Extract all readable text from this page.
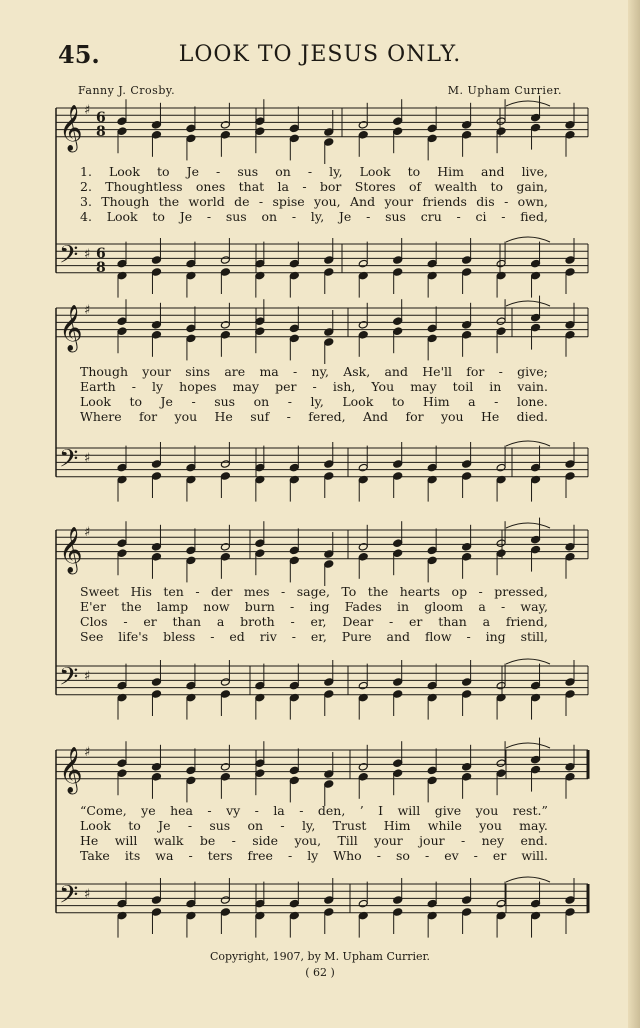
45.	LOOK TO JESUS ONLY.
Fanny J. Crosby.	M. Upham Currier.
𝄞
𝄢
♯
♯
6
6
8
8
𝄞
𝄢
♯
♯
𝄞
𝄢
♯
♯
𝄞
𝄢
♯
♯
1. Look to Je - sus on - ly, Look to Him and live,
2. Thoughtless ones that la - bor Stores of wealth to gain,
3. Though the world de - spise you, And your friends dis - own,
4. Look to Je - sus on - ly, Je - sus cru - ci - fied,
Though your sins are ma - ny, Ask, and He'll for - give;
Earth - ly hopes may per - ish, You may toil in vain.
Look to Je - sus on - ly, Look to Him a - lone.
Where for you He suf - fered, And for you He died.
Sweet His ten - der mes - sage, To the hearts op - pressed,
E'er the lamp now burn - ing Fades in gloom a - way,
Clos - er than a broth - er, Dear - er than a friend,
See life's bless - ed riv - er, Pure and flow - ing still,
“Come, ye hea - vy - la - den, ’ I will give you rest.”
Look to Je - sus on - ly, Trust Him while you may.
He will walk be - side you, Till your jour - ney end.
Take its wa - ters free - ly Who - so - ev - er will.
Copyright, 1907, by M. Upham Currier.
( 62 )
